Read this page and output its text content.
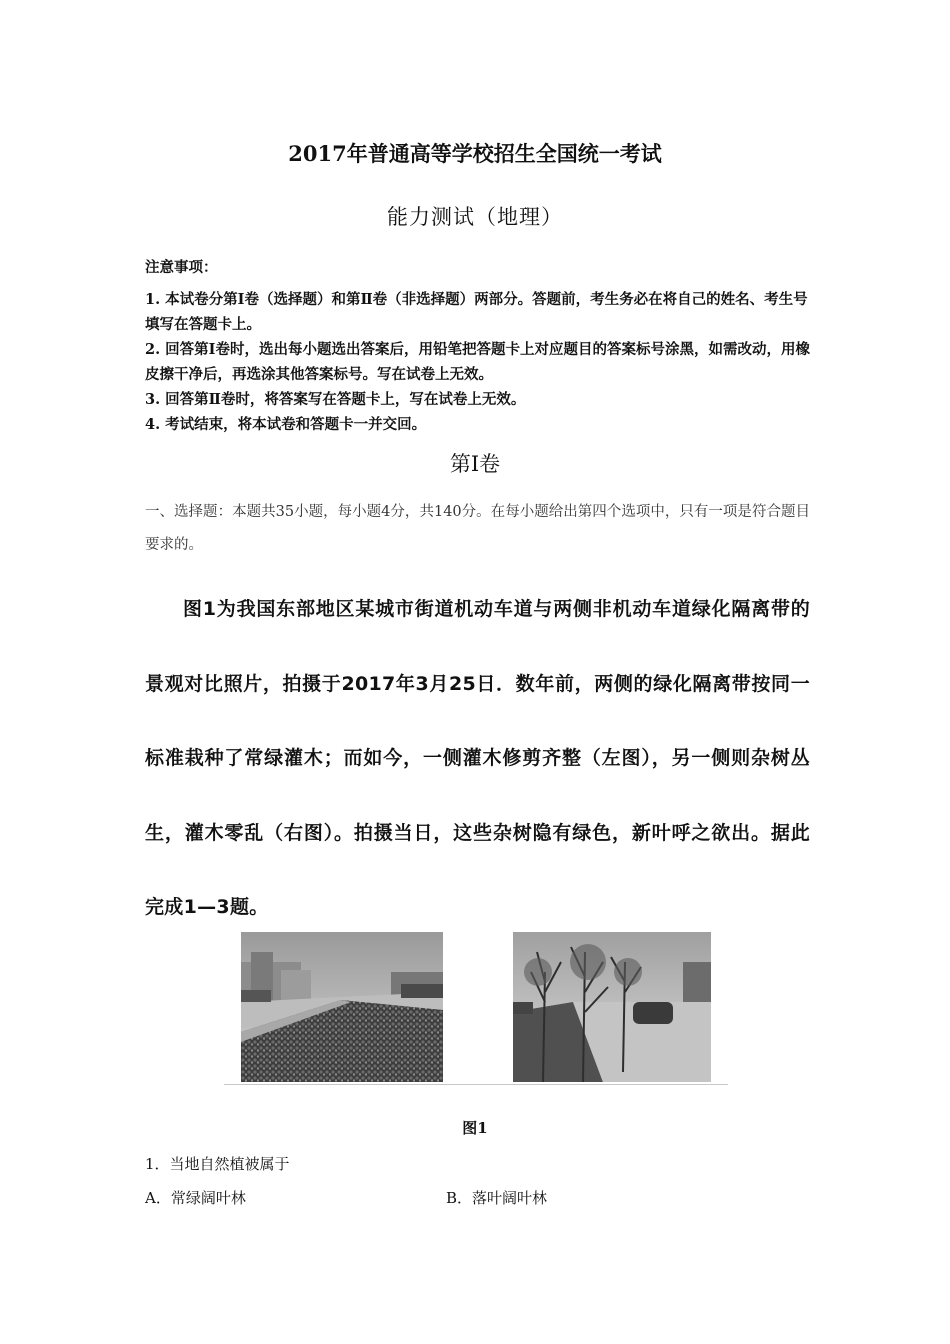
2017年普通高等学校招生全国统一考试
能力测试（地理）
注意事项：
1. 本试卷分第Ⅰ卷（选择题）和第Ⅱ卷（非选择题）两部分。答题前，考生务必在将自己的姓名、考生号填写在答题卡上。
2. 回答第Ⅰ卷时，选出每小题选出答案后，用铅笔把答题卡上对应题目的答案标号涂黑，如需改动，用橡皮擦干净后，再选涂其他答案标号。写在试卷上无效。
3. 回答第Ⅱ卷时，将答案写在答题卡上，写在试卷上无效。
4. 考试结束，将本试卷和答题卡一并交回。
第Ⅰ卷
一、选择题：本题共35小题，每小题4分，共140分。在每小题给出第四个选项中，只有一项是符合题目要求的。
图1为我国东部地区某城市街道机动车道与两侧非机动车道绿化隔离带的景观对比照片，拍摄于2017年3月25日．数年前，两侧的绿化隔离带按同一标准栽种了常绿灌木；而如今，一侧灌木修剪齐整（左图），另一侧则杂树丛生，灌木零乱（右图）。拍摄当日，这些杂树隐有绿色，新叶呼之欲出。据此完成1—3题。
图1
1．当地自然植被属于
A．常绿阔叶林	B．落叶阔叶林
